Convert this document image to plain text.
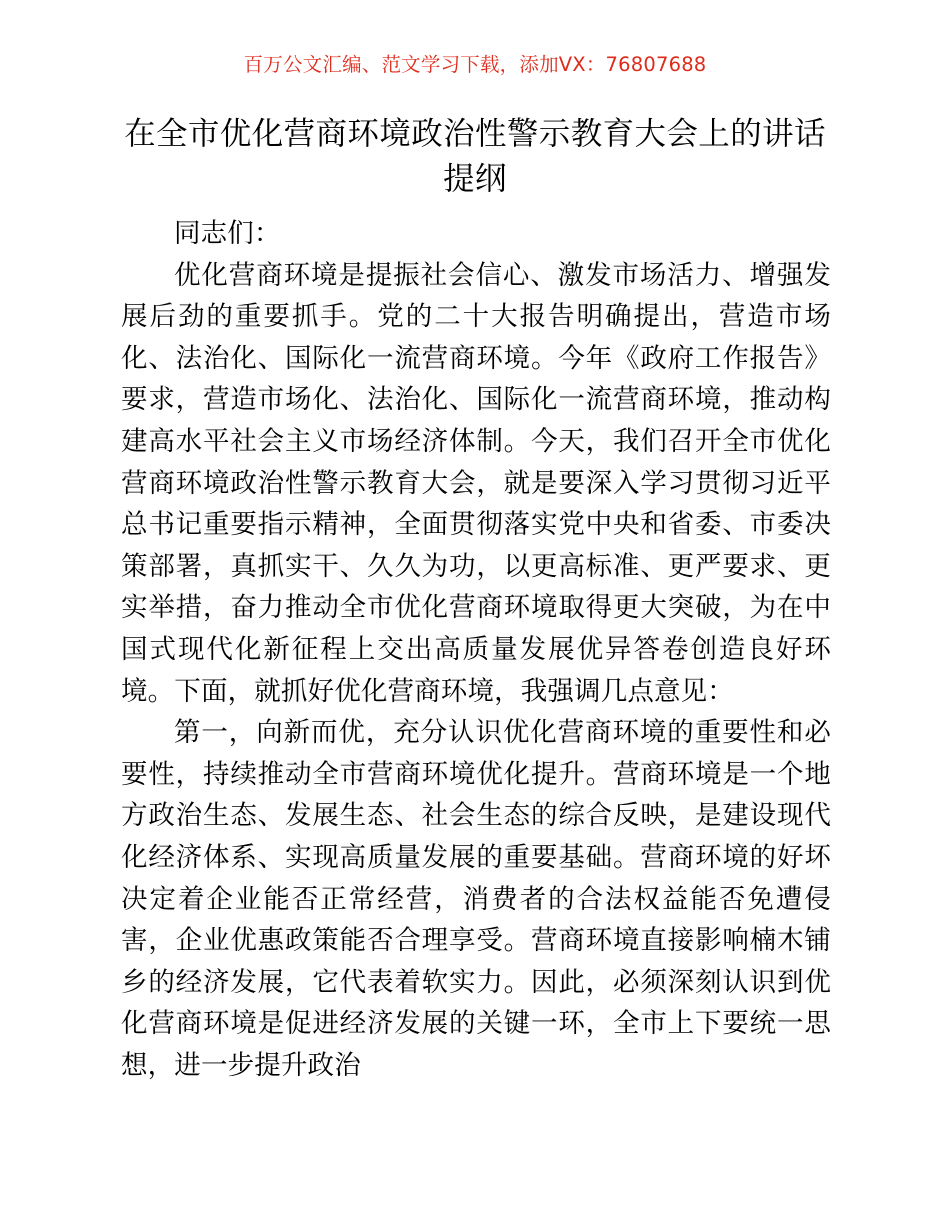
百万公文汇编、范文学习下载，添加VX：76807688
在全市优化营商环境政治性警示教育大会上的讲话提纲

同志们：

优化营商环境是提振社会信心、激发市场活力、增强发展后劲的重要抓手。党的二十大报告明确提出，营造市场化、法治化、国际化一流营商环境。今年《政府工作报告》要求，营造市场化、法治化、国际化一流营商环境，推动构建高水平社会主义市场经济体制。今天，我们召开全市优化营商环境政治性警示教育大会，就是要深入学习贯彻习近平总书记重要指示精神，全面贯彻落实党中央和省委、市委决策部署，真抓实干、久久为功，以更高标准、更严要求、更实举措，奋力推动全市优化营商环境取得更大突破，为在中国式现代化新征程上交出高质量发展优异答卷创造良好环境。下面，就抓好优化营商环境，我强调几点意见：

第一，向新而优，充分认识优化营商环境的重要性和必要性，持续推动全市营商环境优化提升。营商环境是一个地方政治生态、发展生态、社会生态的综合反映，是建设现代化经济体系、实现高质量发展的重要基础。营商环境的好坏决定着企业能否正常经营，消费者的合法权益能否免遭侵害，企业优惠政策能否合理享受。营商环境直接影响楠木铺乡的经济发展，它代表着软实力。因此，必须深刻认识到优化营商环境是促进经济发展的关键一环，全市上下要统一思想，进一步提升政治
